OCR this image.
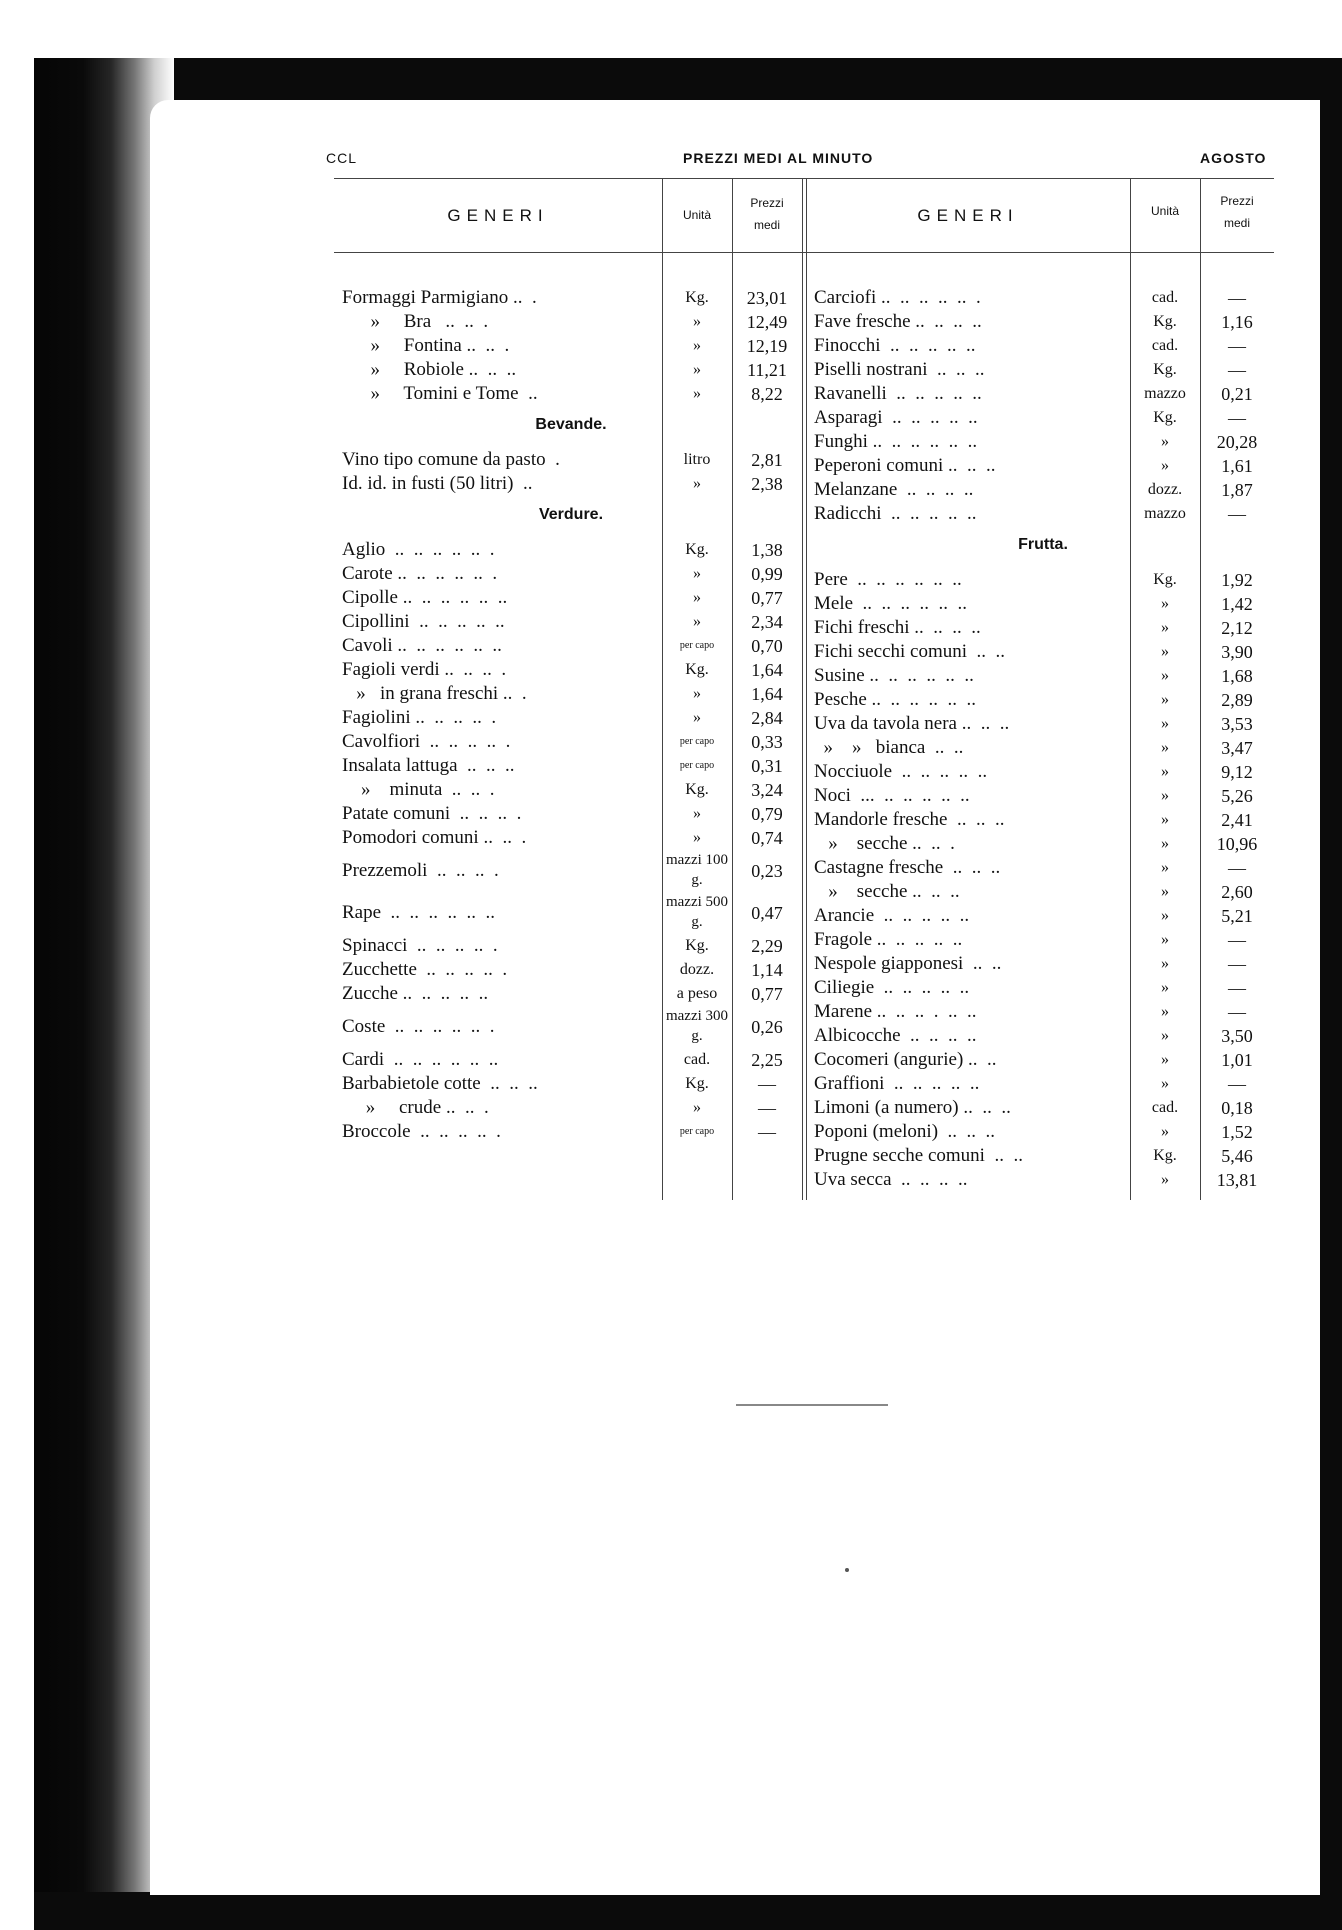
CCL	PREZZI MEDI AL MINUTO	AGOSTO
GENERI	Unità
Prezzi
medi	GENERI	Unità
Prezzi
medi
Formaggi Parmigiano ..  .	Kg.	23,01
»     Bra   ..  ..  .	»	12,49
»     Fontina ..  ..  .	»	12,19
»     Robiole ..  ..  ..	»	11,21
»     Tomini e Tome  ..	»	8,22
Bevande.
Vino tipo comune da pasto  .	litro	2,81
Id. id. in fusti (50 litri)  ..	»	2,38
Verdure.
Aglio  ..  ..  ..  ..  ..  .	Kg.	1,38
Carote ..  ..  ..  ..  ..  .	»	0,99
Cipolle ..  ..  ..  ..  ..  ..	»	0,77
Cipollini  ..  ..  ..  ..  ..	»	2,34
Cavoli ..  ..  ..  ..  ..  ..	per capo	0,70
Fagioli verdi ..  ..  ..  .	Kg.	1,64
»   in grana freschi ..  .	»	1,64
Fagiolini ..  ..  ..  ..  .	»	2,84
Cavolfiori  ..  ..  ..  ..  .	per capo	0,33
Insalata lattuga  ..  ..  ..	per capo	0,31
»    minuta  ..  ..  .	Kg.	3,24
Patate comuni  ..  ..  ..  .	»	0,79
Pomodori comuni ..  ..  .	»	0,74
Prezzemoli  ..  ..  ..  .	mazzi 100 g.	0,23
Rape  ..  ..  ..  ..  ..  ..	mazzi 500 g.	0,47
Spinacci  ..  ..  ..  ..  .	Kg.	2,29
Zucchette  ..  ..  ..  ..  .	dozz.	1,14
Zucche ..  ..  ..  ..  ..	a peso	0,77
Coste  ..  ..  ..  ..  ..  .	mazzi 300 g.	0,26
Cardi  ..  ..  ..  ..  ..  ..	cad.	2,25
Barbabietole cotte  ..  ..  ..	Kg.	—
»     crude ..  ..  .	»	—
Broccole  ..  ..  ..  ..  .	per capo	—
Carciofi ..  ..  ..  ..  ..  .	cad.	—
Fave fresche ..  ..  ..  ..	Kg.	1,16
Finocchi  ..  ..  ..  ..  ..	cad.	—
Piselli nostrani  ..  ..  ..	Kg.	—
Ravanelli  ..  ..  ..  ..  ..	mazzo	0,21
Asparagi  ..  ..  ..  ..  ..	Kg.	—
Funghi ..  ..  ..  ..  ..  ..	»	20,28
Peperoni comuni ..  ..  ..	»	1,61
Melanzane  ..  ..  ..  ..	dozz.	1,87
Radicchi  ..  ..  ..  ..  ..	mazzo	—
Frutta.
Pere  ..  ..  ..  ..  ..  ..	Kg.	1,92
Mele  ..  ..  ..  ..  ..  ..	»	1,42
Fichi freschi ..  ..  ..  ..	»	2,12
Fichi secchi comuni  ..  ..	»	3,90
Susine ..  ..  ..  ..  ..  ..	»	1,68
Pesche ..  ..  ..  ..  ..  ..	»	2,89
Uva da tavola nera ..  ..  ..	»	3,53
»    »   bianca  ..  ..	»	3,47
Nocciuole  ..  ..  ..  ..  ..	»	9,12
Noci  ...  ..  ..  ..  ..  ..	»	5,26
Mandorle fresche  ..  ..  ..	»	2,41
»    secche ..  ..  .	»	10,96
Castagne fresche  ..  ..  ..	»	—
»    secche ..  ..  ..	»	2,60
Arancie  ..  ..  ..  ..  ..	»	5,21
Fragole ..  ..  ..  ..  ..	»	—
Nespole giapponesi  ..  ..	»	—
Ciliegie  ..  ..  ..  ..  ..	»	—
Marene ..  ..  ..  .  ..  ..	»	—
Albicocche  ..  ..  ..  ..	»	3,50
Cocomeri (angurie) ..  ..	»	1,01
Graffioni  ..  ..  ..  ..  ..	»	—
Limoni (a numero) ..  ..  ..	cad.	0,18
Poponi (meloni)  ..  ..  ..	»	1,52
Prugne secche comuni  ..  ..	Kg.	5,46
Uva secca  ..  ..  ..  ..	»	13,81
